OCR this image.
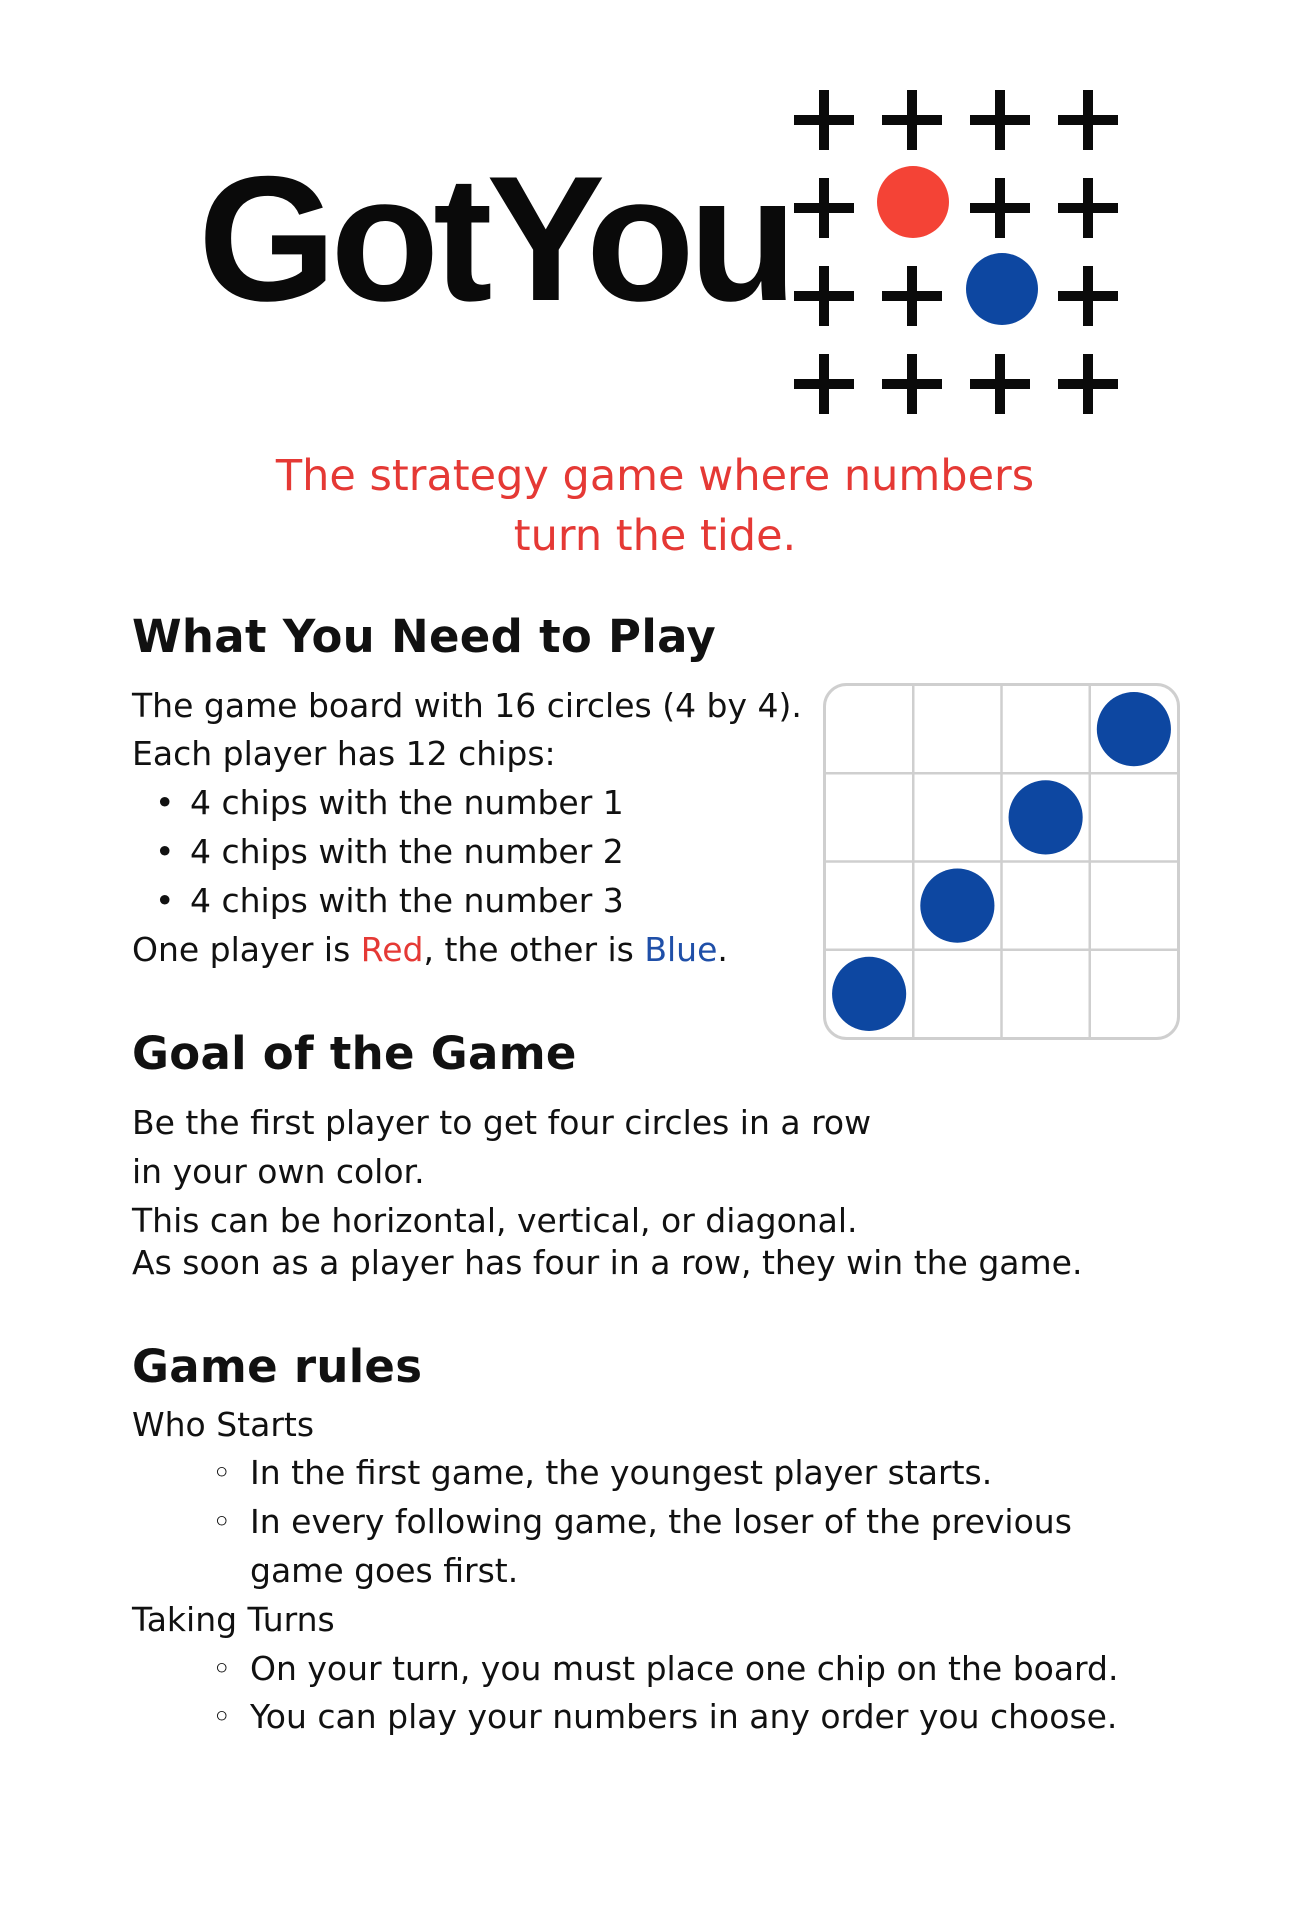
GotYou
The strategy game where numbers
turn the tide.
What You Need to Play
The game board with 16 circles (4 by 4).
Each player has 12 chips:
• 4 chips with the number 1
• 4 chips with the number 2
• 4 chips with the number 3
One player is Red, the other is Blue.
Goal of the Game
Be the first player to get four circles in a row
in your own color.
This can be horizontal, vertical, or diagonal.
As soon as a player has four in a row, they win the game.
Game rules
Who Starts
◦ In the first game, the youngest player starts.
◦ In every following game, the loser of the previous
game goes first.
Taking Turns
◦ On your turn, you must place one chip on the board.
◦ You can play your numbers in any order you choose.
